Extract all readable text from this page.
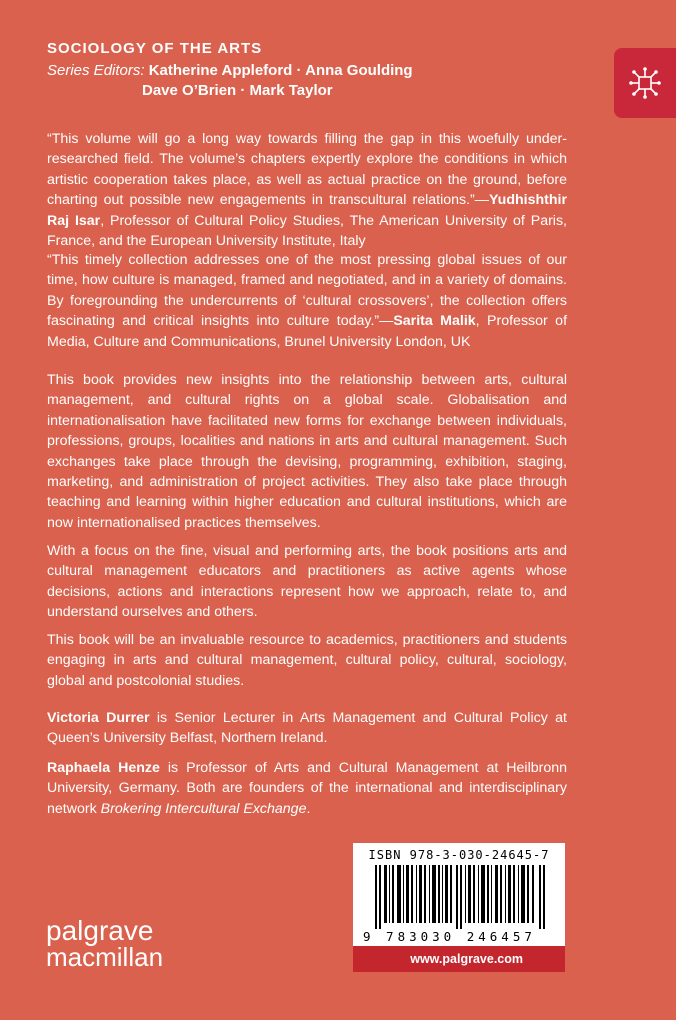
SOCIOLOGY OF THE ARTS
Series Editors: Katherine Appleford · Anna Goulding
Dave O’Brien · Mark Taylor
“This volume will go a long way towards filling the gap in this woefully under-researched field. The volume’s chapters expertly explore the conditions in which artistic cooperation takes place, as well as actual practice on the ground, before charting out possible new engagements in transcultural relations.”—Yudhishthir Raj Isar, Professor of Cultural Policy Studies, The American University of Paris, France, and the European University Institute, Italy
“This timely collection addresses one of the most pressing global issues of our time, how culture is managed, framed and negotiated, and in a variety of domains. By foregrounding the undercurrents of ‘cultural crossovers’, the collection offers fascinating and critical insights into culture today.”—Sarita Malik, Professor of Media, Culture and Communications, Brunel University London, UK
This book provides new insights into the relationship between arts, cultural management, and cultural rights on a global scale. Globalisation and internationalisation have facilitated new forms for exchange between individuals, professions, groups, localities and nations in arts and cultural management. Such exchanges take place through the devising, programming, exhibition, staging, marketing, and administration of project activities. They also take place through teaching and learning within higher education and cultural institutions, which are now internationalised practices themselves.
With a focus on the fine, visual and performing arts, the book positions arts and cultural management educators and practitioners as active agents whose decisions, actions and interactions represent how we approach, relate to, and understand ourselves and others.
This book will be an invaluable resource to academics, practitioners and students engaging in arts and cultural management, cultural policy, cultural, sociology, global and postcolonial studies.
Victoria Durrer is Senior Lecturer in Arts Management and Cultural Policy at Queen’s University Belfast, Northern Ireland.
Raphaela Henze is Professor of Arts and Cultural Management at Heilbronn University, Germany. Both are founders of the international and interdisciplinary network Brokering Intercultural Exchange.
palgrave
macmillan
ISBN 978-3-030-24645-7
9 783030 246457
www.palgrave.com
